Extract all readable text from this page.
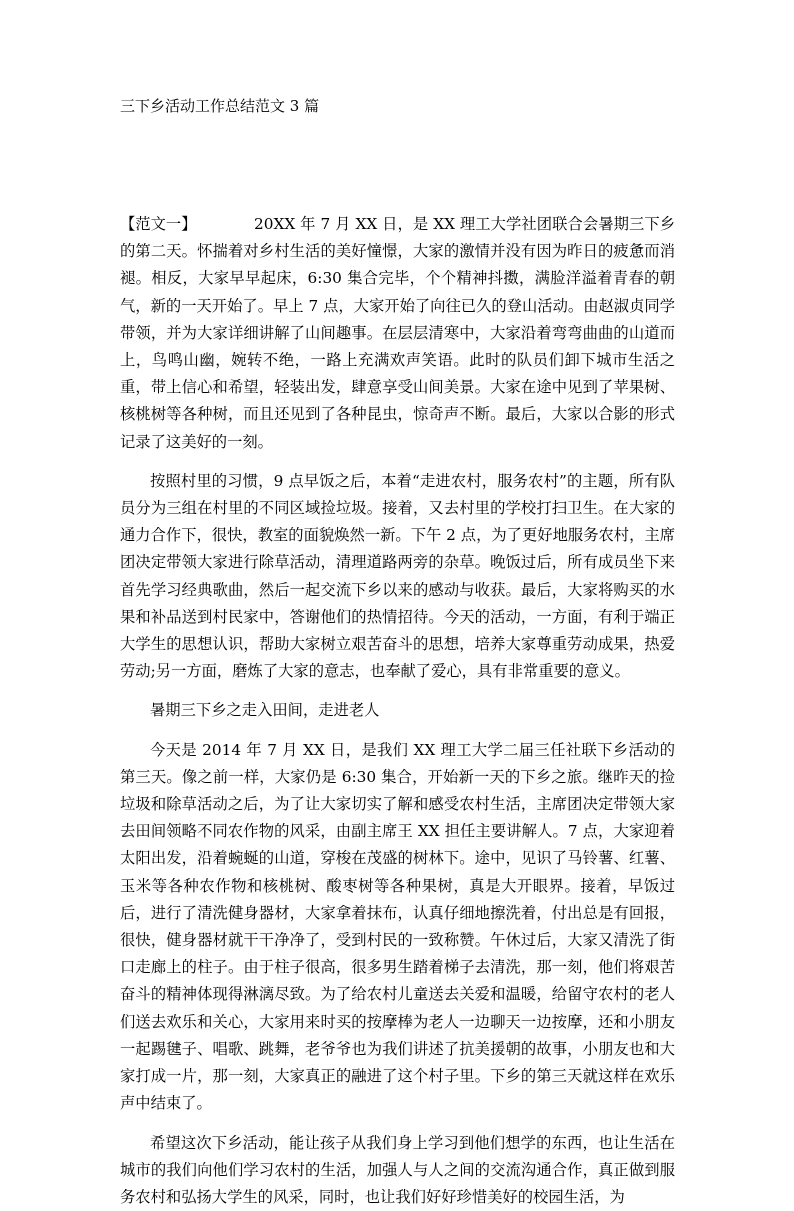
三下乡活动工作总结范文 3 篇

【范文一】	20XX 年 7 月 XX 日，是 XX 理工大学社团联合会暑期三下乡的第二天。怀揣着对乡村生活的美好憧憬，大家的激情并没有因为昨日的疲惫而消褪。相反，大家早早起床，6:30 集合完毕，个个精神抖擞，满脸洋溢着青春的朝气，新的一天开始了。早上 7 点，大家开始了向往已久的登山活动。由赵淑贞同学带领，并为大家详细讲解了山间趣事。在层层清寒中，大家沿着弯弯曲曲的山道而上，鸟鸣山幽，婉转不绝，一路上充满欢声笑语。此时的队员们卸下城市生活之重，带上信心和希望，轻装出发，肆意享受山间美景。大家在途中见到了苹果树、核桃树等各种树，而且还见到了各种昆虫，惊奇声不断。最后，大家以合影的形式记录了这美好的一刻。

按照村里的习惯，9 点早饭之后，本着“走进农村，服务农村”的主题，所有队员分为三组在村里的不同区域捡垃圾。接着，又去村里的学校打扫卫生。在大家的通力合作下，很快，教室的面貌焕然一新。下午 2 点，为了更好地服务农村，主席团决定带领大家进行除草活动，清理道路两旁的杂草。晚饭过后，所有成员坐下来首先学习经典歌曲，然后一起交流下乡以来的感动与收获。最后，大家将购买的水果和补品送到村民家中，答谢他们的热情招待。今天的活动，一方面，有利于端正大学生的思想认识，帮助大家树立艰苦奋斗的思想，培养大家尊重劳动成果，热爱劳动;另一方面，磨炼了大家的意志，也奉献了爱心，具有非常重要的意义。

暑期三下乡之走入田间，走进老人

今天是 2014 年 7 月 XX 日，是我们 XX 理工大学二届三任社联下乡活动的第三天。像之前一样，大家仍是 6:30 集合，开始新一天的下乡之旅。继昨天的捡垃圾和除草活动之后，为了让大家切实了解和感受农村生活，主席团决定带领大家去田间领略不同农作物的风采，由副主席王 XX 担任主要讲解人。7 点，大家迎着太阳出发，沿着蜿蜒的山道，穿梭在茂盛的树林下。途中，见识了马铃薯、红薯、玉米等各种农作物和核桃树、酸枣树等各种果树，真是大开眼界。接着，早饭过后，进行了清洗健身器材，大家拿着抹布，认真仔细地擦洗着，付出总是有回报，很快，健身器材就干干净净了，受到村民的一致称赞。午休过后，大家又清洗了街口走廊上的柱子。由于柱子很高，很多男生踏着梯子去清洗，那一刻，他们将艰苦奋斗的精神体现得淋漓尽致。为了给农村儿童送去关爱和温暖，给留守农村的老人们送去欢乐和关心，大家用来时买的按摩棒为老人一边聊天一边按摩，还和小朋友一起踢毽子、唱歌、跳舞，老爷爷也为我们讲述了抗美援朝的故事，小朋友也和大家打成一片，那一刻，大家真正的融进了这个村子里。下乡的第三天就这样在欢乐声中结束了。

希望这次下乡活动，能让孩子从我们身上学习到他们想学的东西，也让生活在城市的我们向他们学习农村的生活，加强人与人之间的交流沟通合作，真正做到服务农村和弘扬大学生的风采，同时，也让我们好好珍惜美好的校园生活，为
